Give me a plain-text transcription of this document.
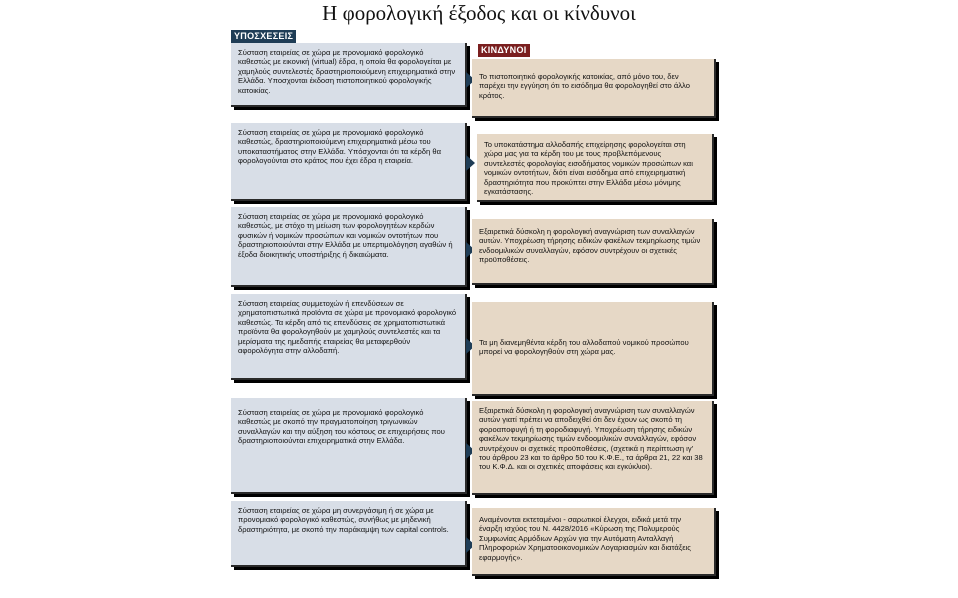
Η φορολογική έξοδος και οι κίνδυνοι
ΥΠΟΣΧΕΣΕΙΣ
ΚΙΝΔΥΝΟΙ
Σύσταση εταιρείας σε χώρα με προνομιακό φορολογικό καθεστώς με εικονική (virtual) έδρα, η οποία θα φορολογείται με χαμηλούς συντελεστές δραστηριοποιούμενη επιχειρηματικά στην Ελλάδα. Υποσχονται έκδοση πιστοποιητικού φορολογικής κατοικίας.
Το πιστοποιητικό φορολογικής κατοικίας, από μόνο του, δεν παρέχει την εγγύηση ότι το εισόδημα θα φορολογηθεί στο άλλο κράτος.
Σύσταση εταιρείας σε χώρα με προνομιακό φορολογικό καθεστώς, δραστηριοποιούμενη επιχειρηματικά μέσω του υποκαταστήματος στην Ελλάδα. Υπόσχονται ότι τα κέρδη θα φορολογούνται στο κράτος που έχει έδρα η εταιρεία.
Το υποκατάστημα αλλοδαπής επιχείρησης φορολογείται στη χώρα μας για τα κέρδη του με τους προβλεπόμενους συντελεστές φορολογίας εισοδήματος νομικών προσώπων και νομικών οντοτήτων, διότι είναι εισόδημα από επιχειρηματική δραστηριότητα που προκύπτει στην Ελλάδα μέσω μόνιμης εγκατάστασης.
Σύσταση εταιρείας σε χώρα με προνομιακό φορολογικό καθεστώς, με στόχο τη μείωση των φορολογητέων κερδών φυσικών ή νομικών προσώπων και νομικών οντοτήτων που δραστηριοποιούνται στην Ελλάδα με υπερτιμολόγηση αγαθών ή έξοδα διοικητικής υποστήριξης ή δικαιώματα.
Εξαιρετικά δύσκολη η φορολογική αναγνώριση των συναλλαγών αυτών. Υποχρέωση τήρησης ειδικών φακέλων τεκμηρίωσης τιμών ενδοομιλικών συναλλαγών, εφόσον συντρέχουν οι σχετικές προϋποθέσεις.
Σύσταση εταιρείας συμμετοχών ή επενδύσεων σε χρηματοπιστωτικά προϊόντα σε χώρα με προνομιακό φορολογικό καθεστώς. Τα κέρδη από τις επενδύσεις σε χρηματοπιστωτικά προϊόντα θα φορολογηθούν με χαμηλούς συντελεστές και τα μερίσματα της ημεδαπής εταιρείας θα μεταφερθούν αφορολόγητα στην αλλοδαπή.
Τα μη διανεμηθέντα κέρδη του αλλοδαπού νομικού προσώπου μπορεί να φορολογηθούν στη χώρα μας.
Σύσταση εταιρείας σε χώρα με προνομιακό φορολογικό καθεστώς με σκοπό την πραγματοποίηση τριγωνικών συναλλαγών και την αύξηση του κόστους σε επιχειρήσεις που δραστηριοποιούνται επιχειρηματικά στην Ελλάδα.
Εξαιρετικά δύσκολη η φορολογική αναγνώριση των συναλλαγών αυτών γιατί πρέπει να αποδειχθεί ότι δεν έχουν ως σκοπό τη φοροαποφυγή ή τη φοροδιαφυγή. Υποχρέωση τήρησης ειδικών φακέλων τεκμηρίωσης τιμών ενδοομιλικών συναλλαγών, εφόσον συντρέχουν οι σχετικές προϋποθέσεις, (σχετικά η περίπτωση ιγ' του άρθρου 23 και το άρθρο 50 του Κ.Φ.Ε., τα άρθρα 21, 22 και 38 του Κ.Φ.Δ. και οι σχετικές αποφάσεις και εγκύκλιοι).
Σύσταση εταιρείας σε χώρα μη συνεργάσιμη ή σε χώρα με προνομιακό φορολογικό καθεστώς, συνήθως με μηδενική δραστηριότητα, με σκοπό την παράκαμψη των capital controls.
Αναμένονται εκτεταμένοι - σαρωτικοί έλεγχοι, ειδικά μετά την έναρξη ισχύος του Ν. 4428/2016 «Κύρωση της Πολυμερούς Συμφωνίας Αρμόδιων Αρχών για την Αυτόματη Ανταλλαγή Πληροφοριών Χρηματοοικονομικών Λογαριασμών και διατάξεις εφαρμογής».
